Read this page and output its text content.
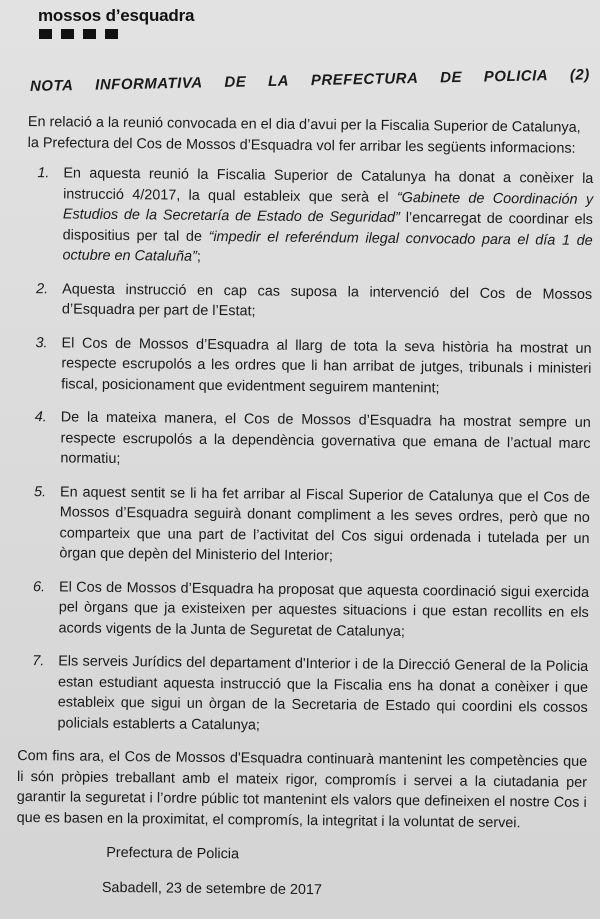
mossos d’esquadra
NOTA INFORMATIVA DE LA PREFECTURA DE POLICIA (2)

En relació a la reunió convocada en el dia d’avui per la Fiscalia Superior de Catalunya, la Prefectura del Cos de Mossos d’Esquadra vol fer arribar les següents informacions:

1. En aquesta reunió la Fiscalia Superior de Catalunya ha donat a conèixer la instrucció 4/2017, la qual estableix que serà el “Gabinete de Coordinación y Estudios de la Secretaría de Estado de Seguridad” l’encarregat de coordinar els dispositius per tal de “impedir el referéndum ilegal convocado para el día 1 de octubre en Cataluña”;
2. Aquesta instrucció en cap cas suposa la intervenció del Cos de Mossos d’Esquadra per part de l’Estat;
3. El Cos de Mossos d’Esquadra al llarg de tota la seva història ha mostrat un respecte escrupolós a les ordres que li han arribat de jutges, tribunals i ministeri fiscal, posicionament que evidentment seguirem mantenint;
4. De la mateixa manera, el Cos de Mossos d’Esquadra ha mostrat sempre un respecte escrupolós a la dependència governativa que emana de l’actual marc normatiu;
5. En aquest sentit se li ha fet arribar al Fiscal Superior de Catalunya que el Cos de Mossos d’Esquadra seguirà donant compliment a les seves ordres, però que no comparteix que una part de l’activitat del Cos sigui ordenada i tutelada per un òrgan que depèn del Ministerio del Interior;
6. El Cos de Mossos d’Esquadra ha proposat que aquesta coordinació sigui exercida pel òrgans que ja existeixen per aquestes situacions i que estan recollits en els acords vigents de la Junta de Seguretat de Catalunya;
7. Els serveis Jurídics del departament d'Interior i de la Direcció General de la Policia estan estudiant aquesta instrucció que la Fiscalia ens ha donat a conèixer i que estableix que sigui un òrgan de la Secretaria de Estado qui coordini els cossos policials establerts a Catalunya;

Com fins ara, el Cos de Mossos d'Esquadra continuarà mantenint les competències que li són pròpies treballant amb el mateix rigor, compromís i servei a la ciutadania per garantir la seguretat i l’ordre públic tot mantenint els valors que defineixen el nostre Cos i que es basen en la proximitat, el compromís, la integritat i la voluntat de servei.

Prefectura de Policia
Sabadell, 23 de setembre de 2017
